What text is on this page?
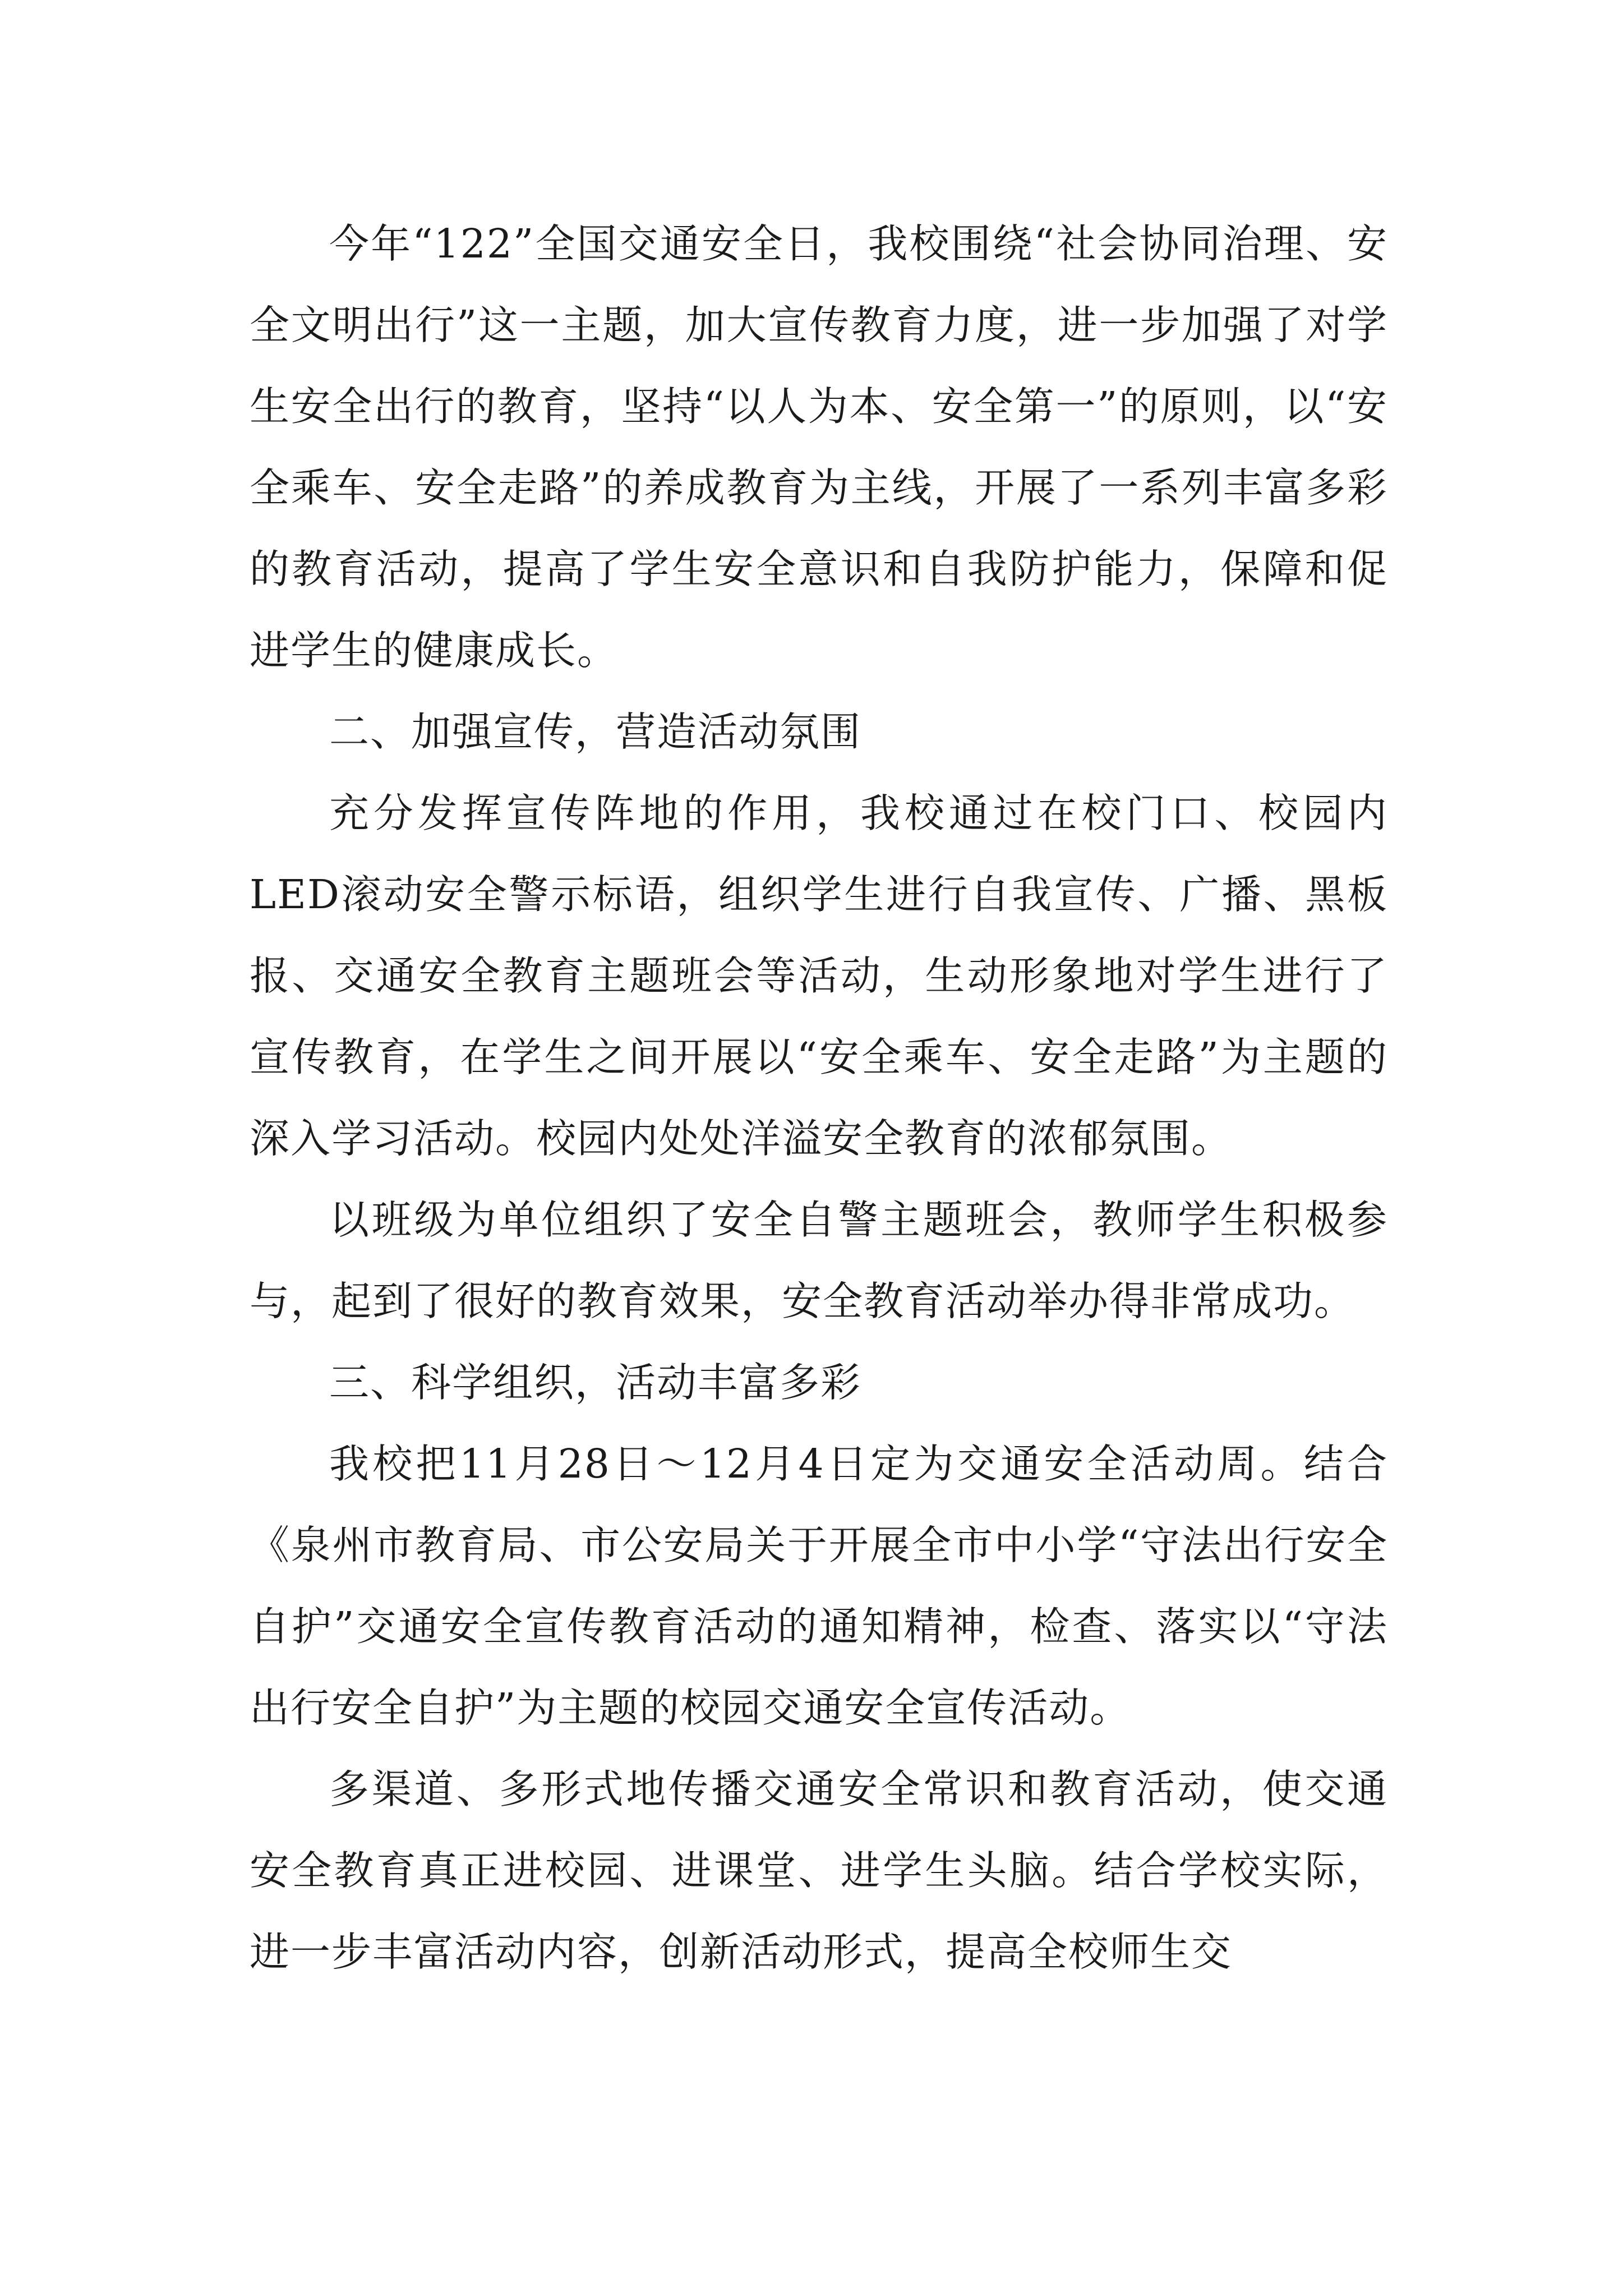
今年“122”全国交通安全日，我校围绕“社会协同治理、安全文明出行”这一主题，加大宣传教育力度，进一步加强了对学生安全出行的教育，坚持“以人为本、安全第一”的原则，以“安全乘车、安全走路”的养成教育为主线，开展了一系列丰富多彩的教育活动，提高了学生安全意识和自我防护能力，保障和促进学生的健康成长。

二、加强宣传，营造活动氛围

充分发挥宣传阵地的作用，我校通过在校门口、校园内LED滚动安全警示标语，组织学生进行自我宣传、广播、黑板报、交通安全教育主题班会等活动，生动形象地对学生进行了宣传教育，在学生之间开展以“安全乘车、安全走路”为主题的深入学习活动。校园内处处洋溢安全教育的浓郁氛围。

以班级为单位组织了安全自警主题班会，教师学生积极参与，起到了很好的教育效果，安全教育活动举办得非常成功。

三、科学组织，活动丰富多彩

我校把11月28日～12月4日定为交通安全活动周。结合《泉州市教育局、市公安局关于开展全市中小学“守法出行安全自护”交通安全宣传教育活动的通知精神，检查、落实以“守法出行安全自护”为主题的校园交通安全宣传活动。

多渠道、多形式地传播交通安全常识和教育活动，使交通安全教育真正进校园、进课堂、进学生头脑。结合学校实际，进一步丰富活动内容，创新活动形式，提高全校师生交
